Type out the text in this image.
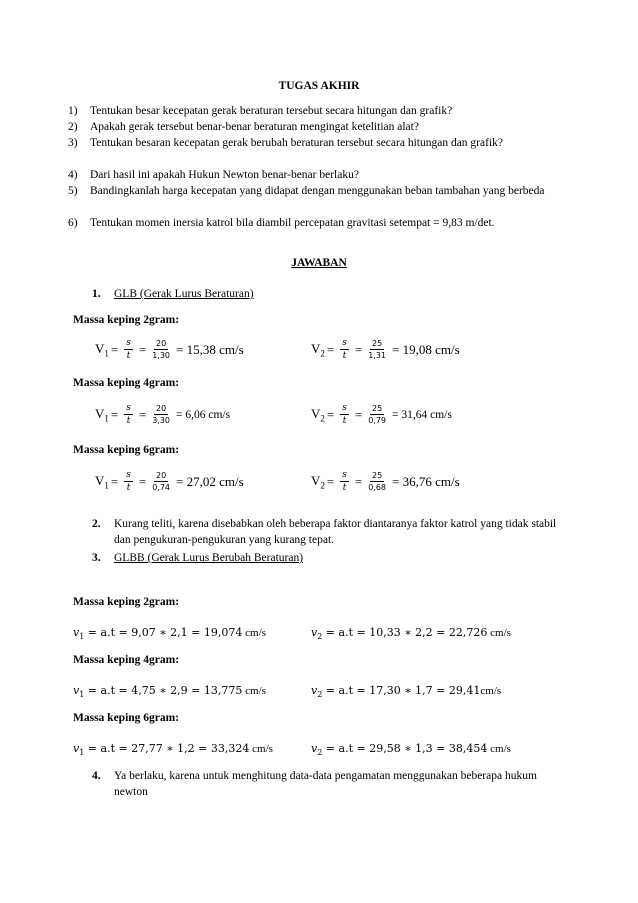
TUGAS AKHIR
1) Tentukan besar kecepatan gerak beraturan tersebut secara hitungan dan grafik?
2) Apakah gerak tersebut benar-benar beraturan mengingat ketelitian alat?
3) Tentukan besaran kecepatan gerak berubah beraturan tersebut secara hitungan dan grafik?
4) Dari hasil ini apakah Hukun Newton benar-benar berlaku?
5) Bandingkanlah harga kecepatan yang didapat dengan menggunakan beban tambahan yang berbeda
6) Tentukan momen inersia katrol bila diambil percepatan gravitasi setempat = 9,83 m/det.
JAWABAN
1. GLB (Gerak Lurus Beraturan)
Massa keping 2gram:
$V_1 = \frac{s}{t} = \frac{20}{1,30} = 15,38$ cm/s	$V_2 = \frac{s}{t} = \frac{25}{1,31} = 19,08$ cm/s
Massa keping 4gram:
$V_1 = \frac{s}{t} = \frac{20}{3,30} = 6,06$ cm/s	$V_2 = \frac{s}{t} = \frac{25}{0,79} = 31,64$ cm/s
Massa keping 6gram:
$V_1 = \frac{s}{t} = \frac{20}{0,74} = 27,02$ cm/s	$V_2 = \frac{s}{t} = \frac{25}{0,68} = 36,76$ cm/s
2. Kurang teliti, karena disebabkan oleh beberapa faktor diantaranya faktor katrol yang tidak stabil dan pengukuran-pengukuran yang kurang tepat.
3. GLBB (Gerak Lurus Berubah Beraturan)
Massa keping 2gram:
$v_1 = a.t = 9,07$ ∗ 2,1 = 19,074 cm/s	$v_2 = a.t = 10,33$ ∗ 2,2 = 22,726 cm/s
Massa keping 4gram:
$v_1 = a.t = 4,75$ ∗ 2,9 = 13,775 cm/s	$v_2 = a.t = 17,30$ ∗ 1,7 = 29,41cm/s
Massa keping 6gram:
$v_1 = a.t = 27,77$ ∗ 1,2 = 33,324 cm/s	$v_2 = a.t = 29,58$ ∗ 1,3 = 38,454 cm/s
4. Ya berlaku, karena untuk menghitung data-data pengamatan menggunakan beberapa hukum newton
